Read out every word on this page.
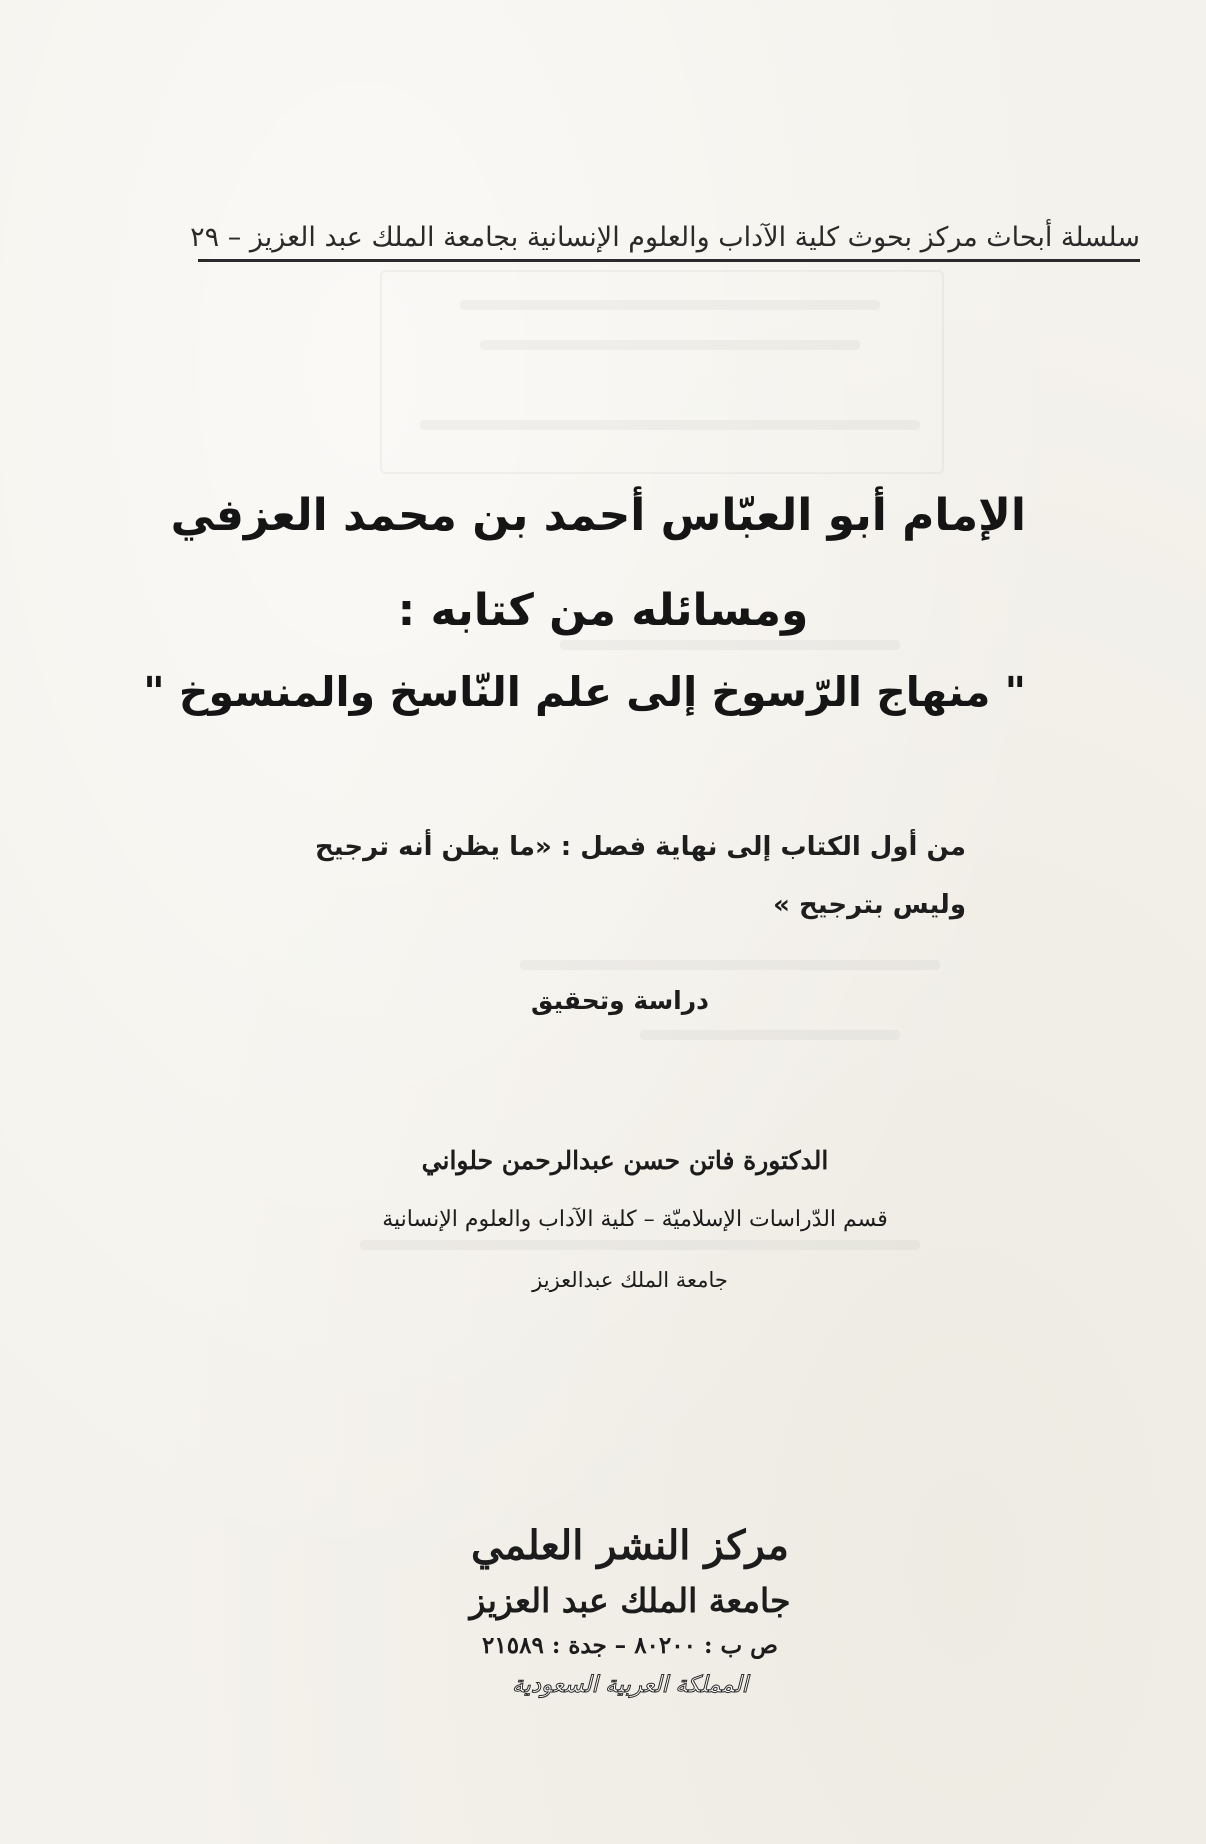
سلسلة أبحاث مركز بحوث كلية الآداب والعلوم الإنسانية بجامعة الملك عبد العزيز – ٢٩
الإمام أبو العبّاس أحمد بن محمد العزفي
ومسائله من كتابه :
" منهاج الرّسوخ إلى علم النّاسخ والمنسوخ "
من أول الكتاب إلى نهاية فصل : «ما يظن أنه ترجيح
وليس بترجيح »
دراسة وتحقيق
الدكتورة فاتن حسن عبدالرحمن حلواني
قسم الدّراسات الإسلاميّة – كلية الآداب والعلوم الإنسانية
جامعة الملك عبدالعزيز
مركز النشر العلمي
جامعة الملك عبد العزيز
ص ب : ٨٠٢٠٠ – جدة : ٢١٥٨٩
المملكة العربية السعودية
